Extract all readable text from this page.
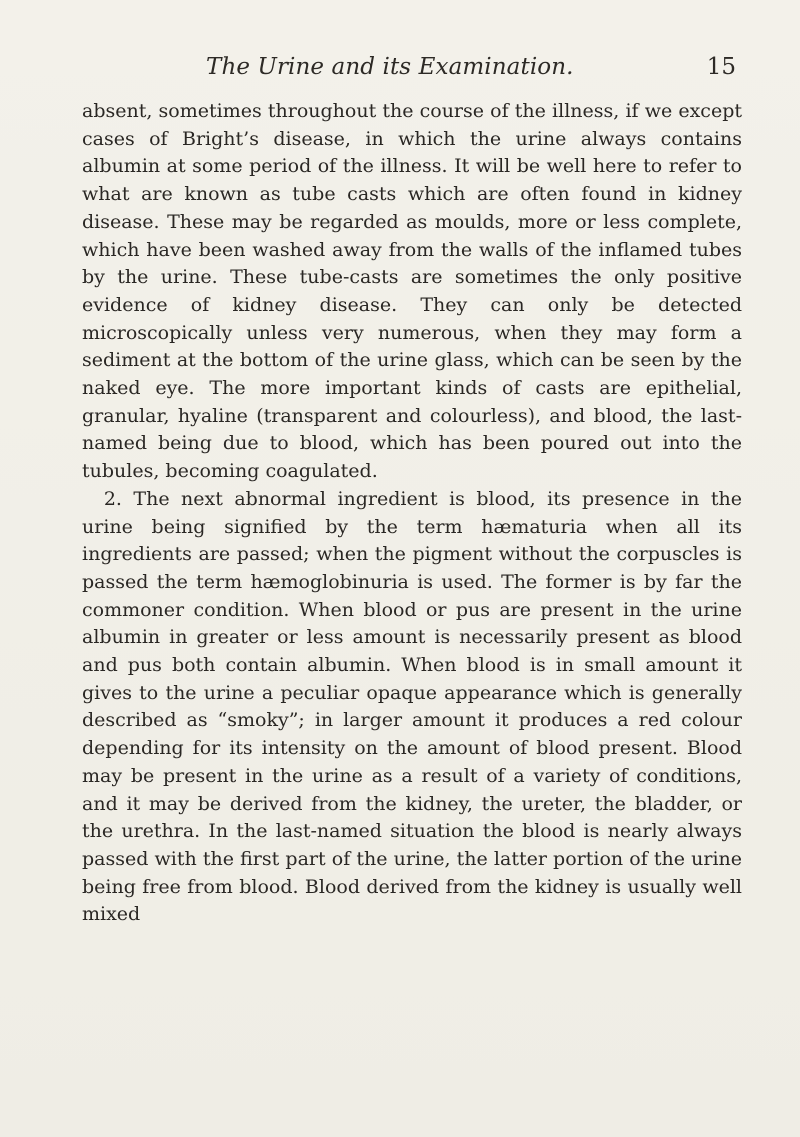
The Urine and its Examination.	15

absent, sometimes throughout the course of the illness, if we except cases of Bright’s disease, in which the urine always contains albumin at some period of the illness. It will be well here to refer to what are known as tube casts which are often found in kidney disease. These may be regarded as moulds, more or less complete, which have been washed away from the walls of the inflamed tubes by the urine. These tube-casts are sometimes the only positive evidence of kidney disease. They can only be detected microscopically unless very numerous, when they may form a sediment at the bottom of the urine glass, which can be seen by the naked eye. The more important kinds of casts are epithelial, granular, hyaline (transparent and colourless), and blood, the last-named being due to blood, which has been poured out into the tubules, becoming coagulated.

2. The next abnormal ingredient is blood, its presence in the urine being signified by the term hæmaturia when all its ingredients are passed; when the pigment without the corpuscles is passed the term hæmoglobinuria is used. The former is by far the commoner condition. When blood or pus are present in the urine albumin in greater or less amount is necessarily present as blood and pus both contain albumin. When blood is in small amount it gives to the urine a peculiar opaque appearance which is generally described as “smoky”; in larger amount it produces a red colour depending for its intensity on the amount of blood present. Blood may be present in the urine as a result of a variety of conditions, and it may be derived from the kidney, the ureter, the bladder, or the urethra. In the last-named situation the blood is nearly always passed with the first part of the urine, the latter portion of the urine being free from blood. Blood derived from the kidney is usually well mixed
